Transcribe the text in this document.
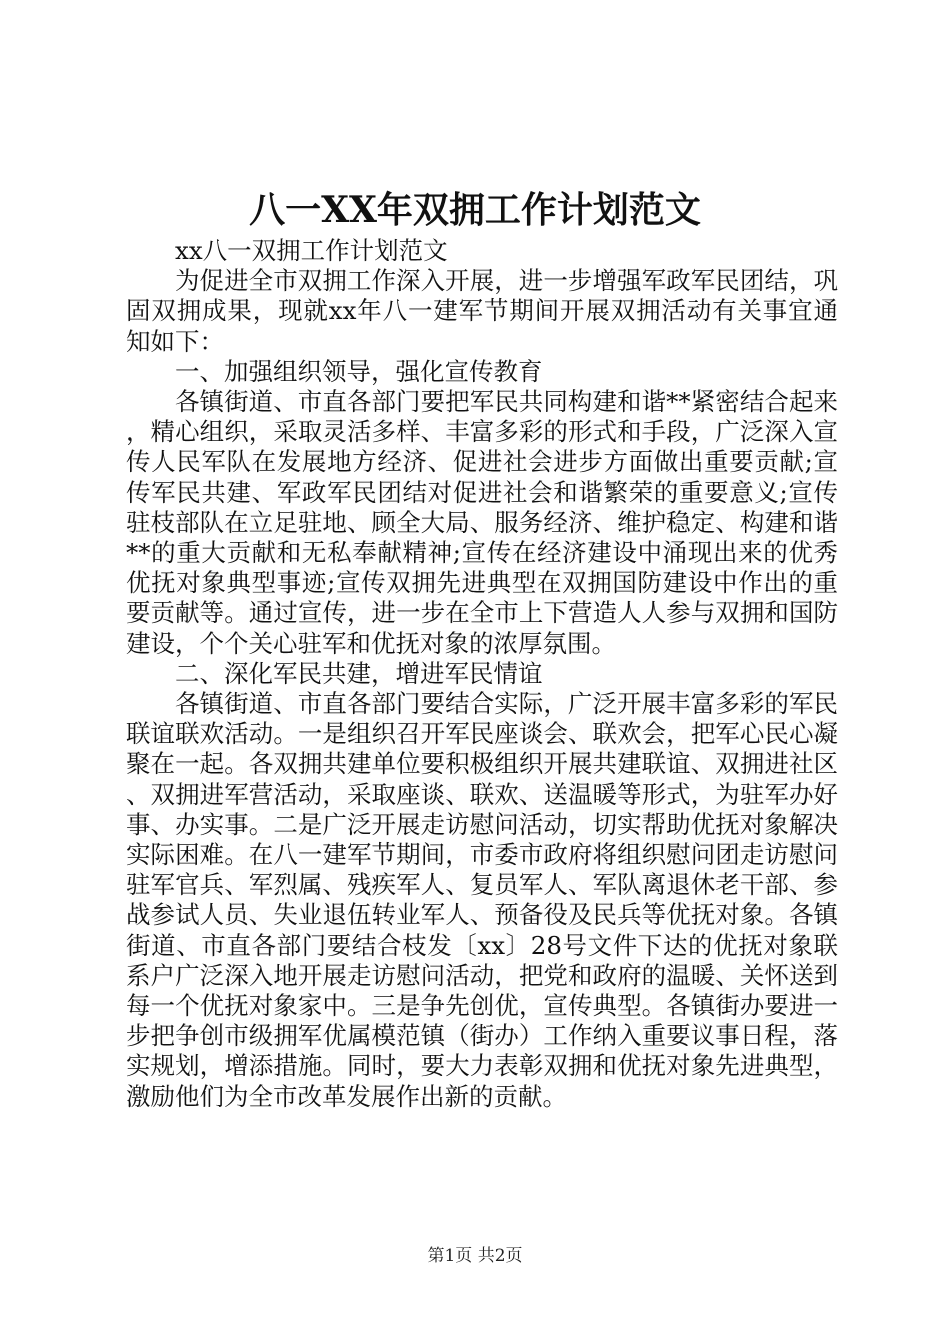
八一XX年双拥工作计划范文

xx八一双拥工作计划范文

为促进全市双拥工作深入开展，进一步增强军政军民团结，巩固双拥成果，现就xx年八一建军节期间开展双拥活动有关事宜通知如下：

一、加强组织领导，强化宣传教育

各镇街道、市直各部门要把军民共同构建和谐**紧密结合起来，精心组织，采取灵活多样、丰富多彩的形式和手段，广泛深入宣传人民军队在发展地方经济、促进社会进步方面做出重要贡献;宣传军民共建、军政军民团结对促进社会和谐繁荣的重要意义;宣传驻枝部队在立足驻地、顾全大局、服务经济、维护稳定、构建和谐**的重大贡献和无私奉献精神;宣传在经济建设中涌现出来的优秀优抚对象典型事迹;宣传双拥先进典型在双拥国防建设中作出的重要贡献等。通过宣传，进一步在全市上下营造人人参与双拥和国防建设，个个关心驻军和优抚对象的浓厚氛围。

二、深化军民共建，增进军民情谊

各镇街道、市直各部门要结合实际，广泛开展丰富多彩的军民联谊联欢活动。一是组织召开军民座谈会、联欢会，把军心民心凝聚在一起。各双拥共建单位要积极组织开展共建联谊、双拥进社区、双拥进军营活动，采取座谈、联欢、送温暖等形式，为驻军办好事、办实事。二是广泛开展走访慰问活动，切实帮助优抚对象解决实际困难。在八一建军节期间，市委市政府将组织慰问团走访慰问驻军官兵、军烈属、残疾军人、复员军人、军队离退休老干部、参战参试人员、失业退伍转业军人、预备役及民兵等优抚对象。各镇街道、市直各部门要结合枝发〔xx〕28号文件下达的优抚对象联系户广泛深入地开展走访慰问活动，把党和政府的温暖、关怀送到每一个优抚对象家中。三是争先创优，宣传典型。各镇街办要进一步把争创市级拥军优属模范镇（街办）工作纳入重要议事日程，落实规划，增添措施。同时，要大力表彰双拥和优抚对象先进典型，激励他们为全市改革发展作出新的贡献。

第1页 共2页
